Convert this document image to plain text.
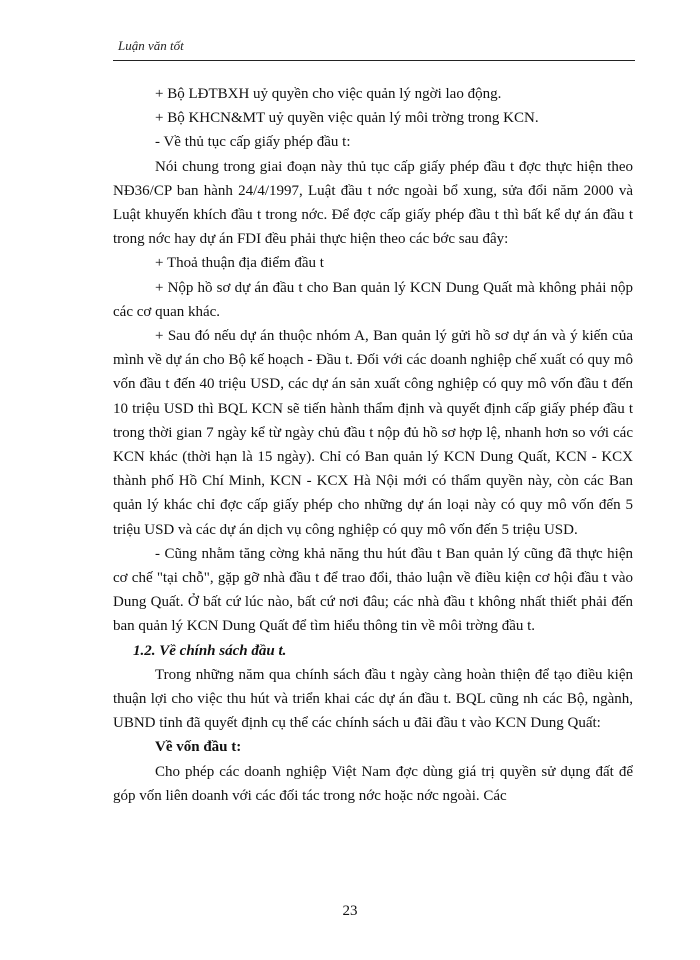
Luận văn tốt

+ Bộ LĐTBXH uỷ quyền cho việc quản lý ngời lao động.

+ Bộ KHCN&MT uỷ quyền việc quản lý môi trờng trong KCN.

- Về thủ tục cấp giấy phép đầu t:

Nói chung trong giai đoạn này thủ tục cấp giấy phép đầu t đợc thực hiện theo NĐ36/CP ban hành 24/4/1997, Luật đầu t nớc ngoài bổ xung, sửa đổi năm 2000 và Luật khuyến khích đầu t trong nớc. Để đợc cấp giấy phép đầu t thì bất kể dự án đầu t trong nớc hay dự án FDI đều phải thực hiện theo các bớc sau đây:

+ Thoả thuận địa điểm đầu t

+ Nộp hồ sơ dự án đầu t cho Ban quản lý KCN Dung Quất mà không phải nộp các cơ quan khác.

+ Sau đó nếu dự án thuộc nhóm A, Ban quản lý gửi hồ sơ dự án và ý kiến của mình về dự án cho Bộ kế hoạch - Đầu t. Đối với các doanh nghiệp chế xuất có quy mô vốn đầu t đến 40 triệu USD, các dự án sản xuất công nghiệp có quy mô vốn đầu t đến 10 triệu USD thì BQL KCN sẽ tiến hành thẩm định và quyết định cấp giấy phép đầu t trong thời gian 7 ngày kể từ ngày chủ đầu t nộp đủ hồ sơ hợp lệ, nhanh hơn so với các KCN khác (thời hạn là 15 ngày). Chỉ có Ban quản lý KCN Dung Quất, KCN - KCX thành phố Hồ Chí Minh, KCN - KCX Hà Nội mới có thẩm quyền này, còn các Ban quản lý khác chỉ đợc cấp giấy phép cho những dự án loại này có quy mô vốn đến 5 triệu USD và các dự án dịch vụ công nghiệp có quy mô vốn đến 5 triệu USD.

- Cũng nhằm tăng cờng khả năng thu hút đầu t Ban quản lý cũng đã thực hiện cơ chế "tại chỗ", gặp gỡ nhà đầu t để trao đổi, thảo luận về điều kiện cơ hội đầu t vào Dung Quất. Ở bất cứ lúc nào, bất cứ nơi đâu; các nhà đầu t không nhất thiết phải đến ban quản lý KCN Dung Quất để tìm hiểu thông tin về môi trờng đầu t.

1.2. Về chính sách đầu t.

Trong những năm qua chính sách đầu t ngày càng hoàn thiện để tạo điều kiện thuận lợi cho việc thu hút và triển khai các dự án đầu t. BQL cũng nh các Bộ, ngành, UBND tỉnh đã quyết định cụ thể các chính sách u đãi đầu t vào KCN Dung Quất:

Về vốn đầu t:

Cho phép các doanh nghiệp Việt Nam đợc dùng giá trị quyền sử dụng đất để góp vốn liên doanh với các đối tác trong nớc hoặc nớc ngoài. Các

23
